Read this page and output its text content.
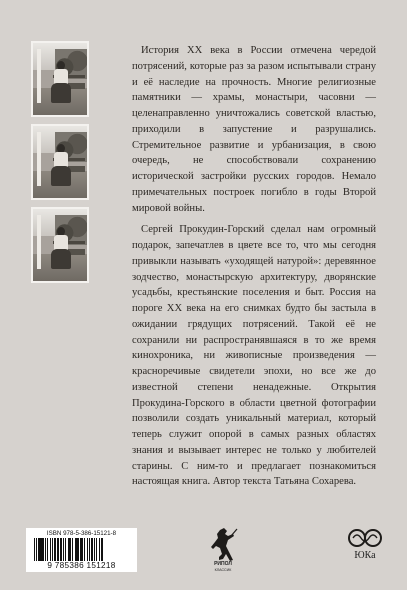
История XX века в России отмечена чередой потрясений, которые раз за разом испытывали страну и её наследие на прочность. Многие религиозные памятники — храмы, монастыри, часовни — целенаправленно уничтожались советской властью, приходили в запустение и разрушались. Стремительное развитие и урбанизация, в свою очередь, не способствовали сохранению исторической застройки русских городов. Немало примечательных построек погибло в годы Второй мировой войны.

Сергей Прокудин-Горский сделал нам огромный подарок, запечатлев в цвете все то, что мы сегодня привыкли называть «уходящей натурой»: деревянное зодчество, монастырскую архитектуру, дворянские усадьбы, крестьянские поселения и быт. Россия на пороге XX века на его снимках будто бы застыла в ожидании грядущих потрясений. Такой её не сохранили ни распространявшаяся в то же время кинохроника, ни живописные произведения — красноречивые свидетели эпохи, но все же до известной степени ненадежные. Открытия Прокудина-Горского в области цветной фотографии позволили создать уникальный материал, который теперь служит опорой в самых разных областях знания и вызывает интерес не только у любителей старины. С ним-то и предлагает познакомиться настоящая книга. Автор текста Татьяна Сохарева.

ISBN 978-5-386-15121-8
9 785386 151218	РИПОЛ
КЛАССИК
ЮКа
